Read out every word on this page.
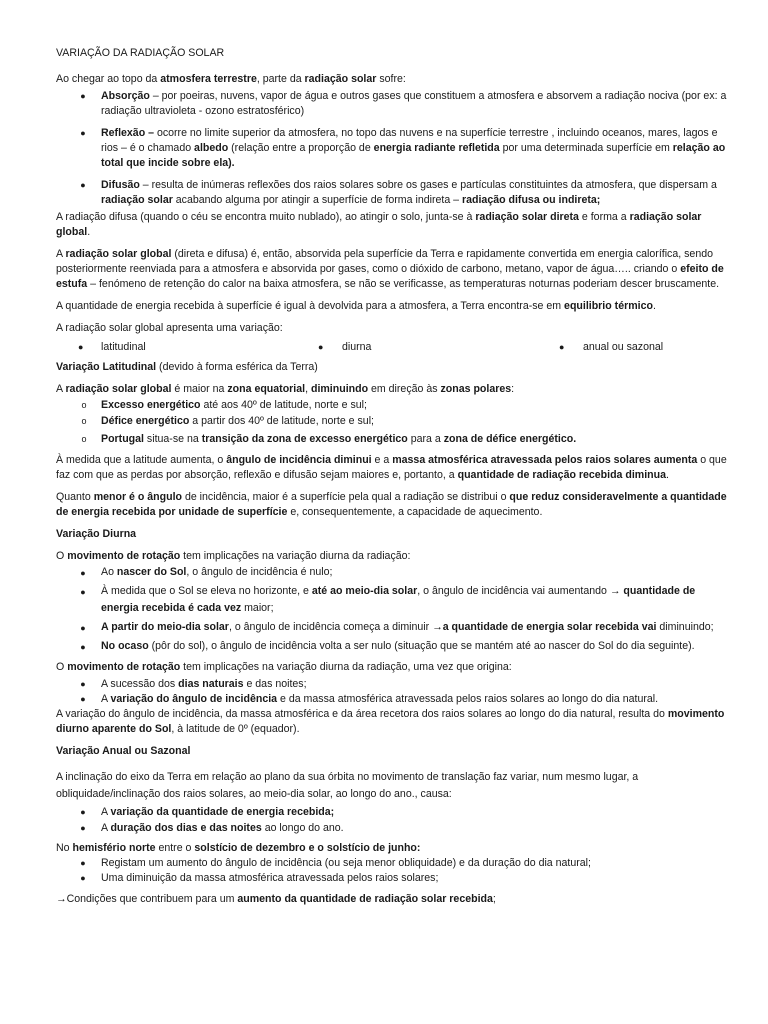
VARIAÇÃO DA RADIAÇÃO SOLAR

Ao chegar ao topo da atmosfera terrestre, parte da radiação solar sofre:

● Absorção – por poeiras, nuvens, vapor de água e outros gases que constituem a atmosfera e absorvem a radiação nociva (por ex: a radiação ultravioleta - ozono estratosférico)
● Reflexão – ocorre no limite superior da atmosfera, no topo das nuvens e na superfície terrestre , incluindo oceanos, mares, lagos e rios – é o chamado albedo (relação entre a proporção de energia radiante refletida por uma determinada superfície em relação ao total que incide sobre ela).
● Difusão – resulta de inúmeras reflexões dos raios solares sobre os gases e partículas constituintes da atmosfera, que dispersam a radiação solar acabando alguma por atingir a superfície de forma indireta – radiação difusa ou indireta;

A radiação difusa (quando o céu se encontra muito nublado), ao atingir o solo, junta-se à radiação solar direta e forma a radiação solar global.

A radiação solar global (direta e difusa) é, então, absorvida pela superfície da Terra e rapidamente convertida em energia calorífica, sendo posteriormente reenviada para a atmosfera e absorvida por gases, como o dióxido de carbono, metano, vapor de água….. criando o efeito de estufa – fenómeno de retenção do calor na baixa atmosfera, se não se verificasse, as temperaturas noturnas poderiam descer bruscamente.

A quantidade de energia recebida à superfície é igual à devolvida para a atmosfera, a Terra encontra-se em equilibrio térmico.

A radiação solar global apresenta uma variação:

● latitudinal	● diurna	● anual ou sazonal

Variação Latitudinal (devido à forma esférica da Terra)

A radiação solar global é maior na zona equatorial, diminuindo em direção às zonas polares:

o Excesso energético até aos 40º de latitude, norte e sul;
o Défice energético a partir dos 40º de latitude, norte e sul;
o Portugal situa-se na transição da zona de excesso energético para a zona de défice energético.

À medida que a latitude aumenta, o ângulo de incidência diminui e a massa atmosférica atravessada pelos raios solares aumenta o que faz com que as perdas por absorção, reflexão e difusão sejam maiores e, portanto, a quantidade de radiação recebida diminua.

Quanto menor é o ângulo de incidência, maior é a superfície pela qual a radiação se distribui o que reduz consideravelmente a quantidade de energia recebida por unidade de superfície e, consequentemente, a capacidade de aquecimento.

Variação Diurna

O movimento de rotação tem implicações na variação diurna da radiação:

● Ao nascer do Sol, o ângulo de incidência é nulo;
● À medida que o Sol se eleva no horizonte, e até ao meio-dia solar, o ângulo de incidência vai aumentando → quantidade de energia recebida é cada vez maior;
● A partir do meio-dia solar, o ângulo de incidência começa a diminuir →a quantidade de energia solar recebida vai diminuindo;
● No ocaso (pôr do sol), o ângulo de incidência volta a ser nulo (situação que se mantém até ao nascer do Sol do dia seguinte).

O movimento de rotação tem implicações na variação diurna da radiação, uma vez que origina:

● A sucessão dos dias naturais e das noites;
● A variação do ângulo de incidência e da massa atmosférica atravessada pelos raios solares ao longo do dia natural.

A variação do ângulo de incidência, da massa atmosférica e da área recetora dos raios solares ao longo do dia natural, resulta do movimento diurno aparente do Sol, à latitude de 0º (equador).

Variação Anual ou Sazonal

A inclinação do eixo da Terra em relação ao plano da sua órbita no movimento de translação faz variar, num mesmo lugar, a obliquidade/inclinação dos raios solares, ao meio-dia solar, ao longo do ano., causa:

● A variação da quantidade de energia recebida;
● A duração dos dias e das noites ao longo do ano.

No hemisfério norte entre o solstício de dezembro e o solstício de junho:

● Registam um aumento do ângulo de incidência (ou seja menor obliquidade) e da duração do dia natural;
● Uma diminuição da massa atmosférica atravessada pelos raios solares;

→Condições que contribuem para um aumento da quantidade de radiação solar recebida;
